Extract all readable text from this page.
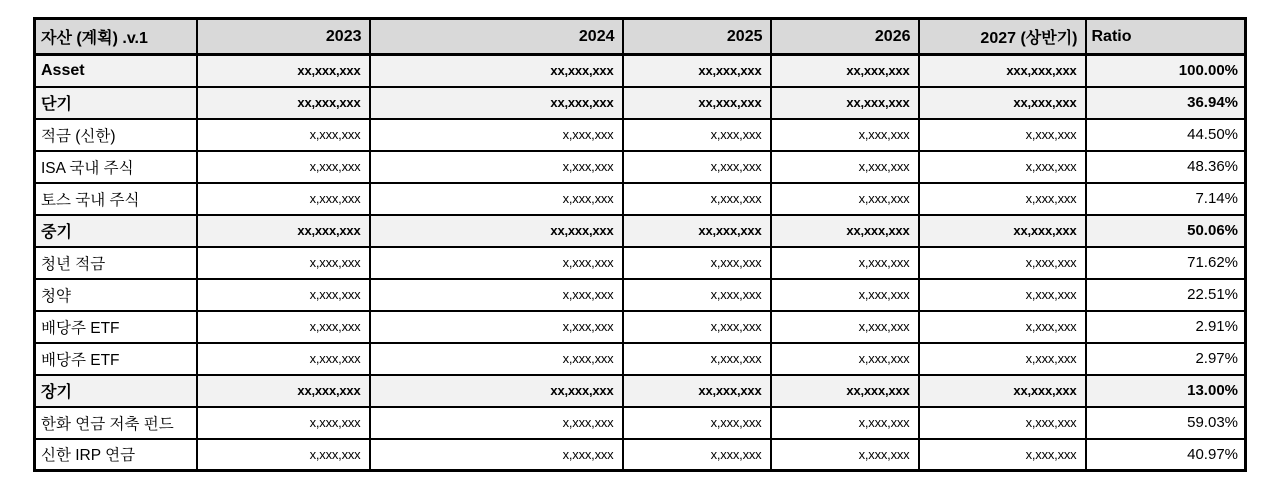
자산 (계획) .v.1	2023	2024	2025	2026	2027 (상반기)	Ratio
Asset	xx,xxx,xxx	xx,xxx,xxx	xx,xxx,xxx	xx,xxx,xxx	xxx,xxx,xxx	100.00%
단기	xx,xxx,xxx	xx,xxx,xxx	xx,xxx,xxx	xx,xxx,xxx	xx,xxx,xxx	36.94%
적금 (신한)	x,xxx,xxx	x,xxx,xxx	x,xxx,xxx	x,xxx,xxx	x,xxx,xxx	44.50%
ISA 국내 주식	x,xxx,xxx	x,xxx,xxx	x,xxx,xxx	x,xxx,xxx	x,xxx,xxx	48.36%
토스 국내 주식	x,xxx,xxx	x,xxx,xxx	x,xxx,xxx	x,xxx,xxx	x,xxx,xxx	7.14%
중기	xx,xxx,xxx	xx,xxx,xxx	xx,xxx,xxx	xx,xxx,xxx	xx,xxx,xxx	50.06%
청년 적금	x,xxx,xxx	x,xxx,xxx	x,xxx,xxx	x,xxx,xxx	x,xxx,xxx	71.62%
청약	x,xxx,xxx	x,xxx,xxx	x,xxx,xxx	x,xxx,xxx	x,xxx,xxx	22.51%
배당주 ETF	x,xxx,xxx	x,xxx,xxx	x,xxx,xxx	x,xxx,xxx	x,xxx,xxx	2.91%
배당주 ETF	x,xxx,xxx	x,xxx,xxx	x,xxx,xxx	x,xxx,xxx	x,xxx,xxx	2.97%
장기	xx,xxx,xxx	xx,xxx,xxx	xx,xxx,xxx	xx,xxx,xxx	xx,xxx,xxx	13.00%
한화 연금 저축 펀드	x,xxx,xxx	x,xxx,xxx	x,xxx,xxx	x,xxx,xxx	x,xxx,xxx	59.03%
신한 IRP 연금	x,xxx,xxx	x,xxx,xxx	x,xxx,xxx	x,xxx,xxx	x,xxx,xxx	40.97%
